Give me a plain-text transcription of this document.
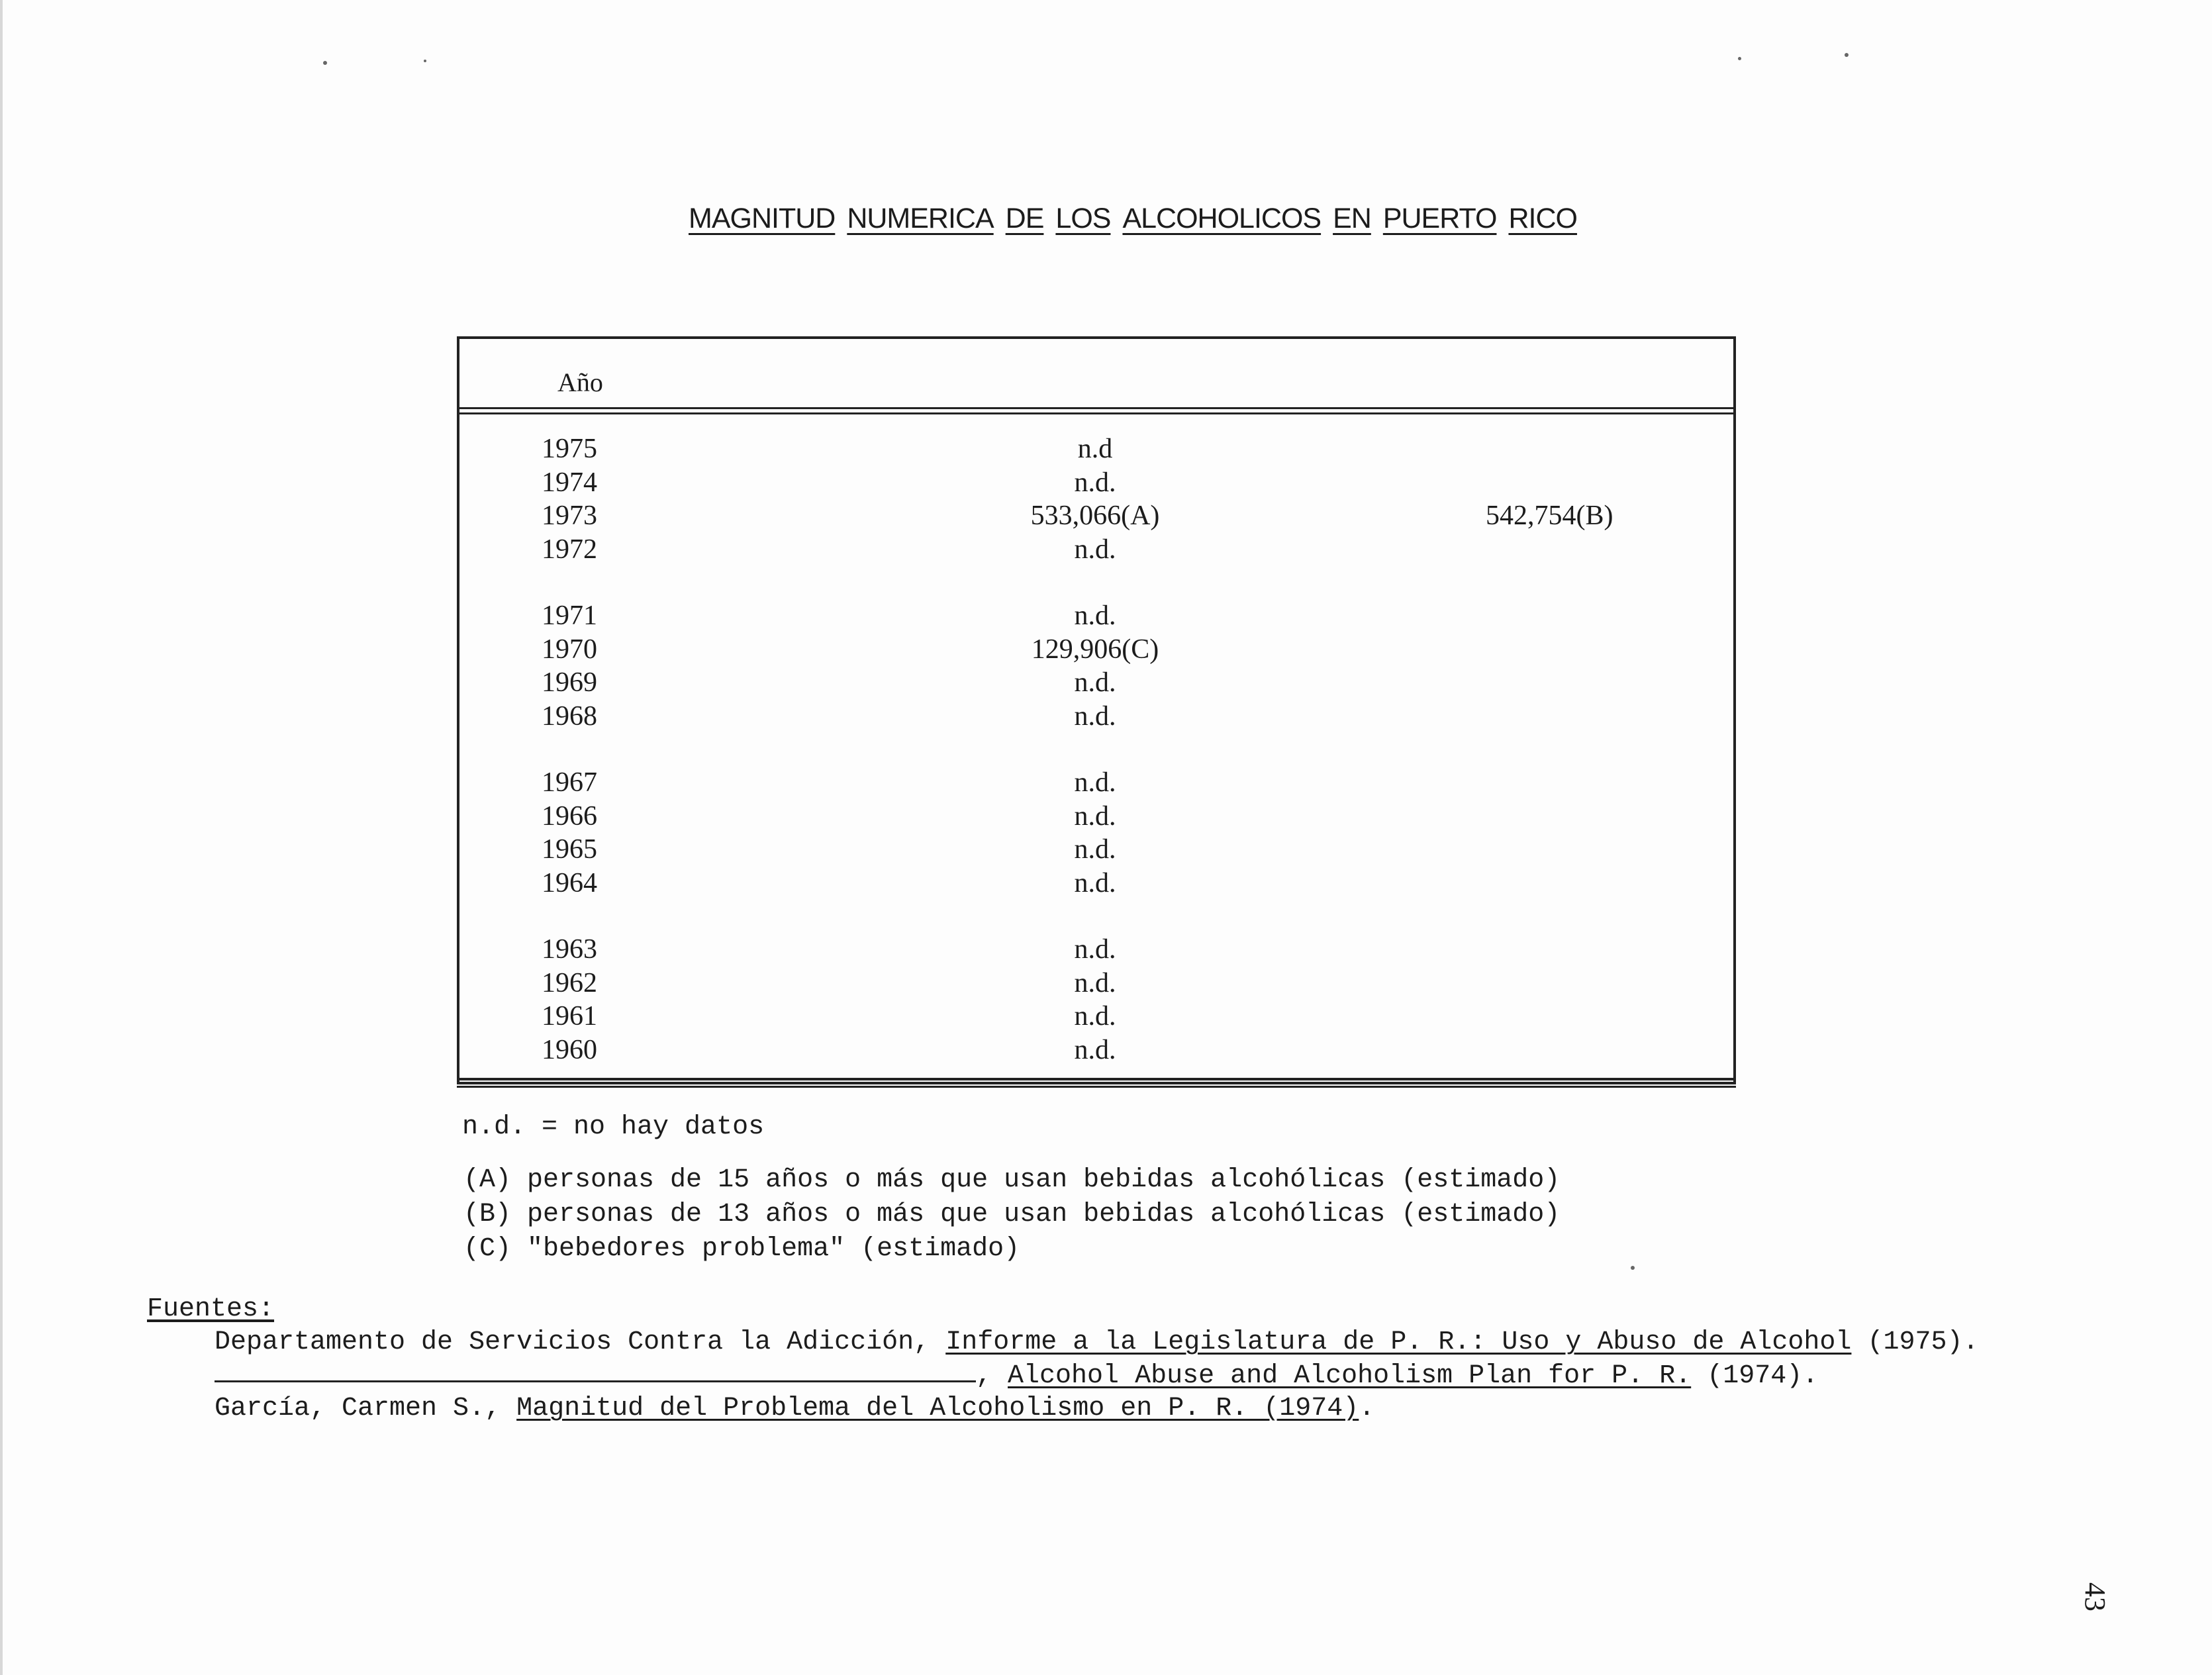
MAGNITUD NUMERICA DE LOS ALCOHOLICOS EN PUERTO RICO
Año
1975	n.d
1974	n.d.
1973	533,066(A)	542,754(B)
1972	n.d.
1971	n.d.
1970	129,906(C)
1969	n.d.
1968	n.d.
1967	n.d.
1966	n.d.
1965	n.d.
1964	n.d.
1963	n.d.
1962	n.d.
1961	n.d.
1960	n.d.
n.d. = no hay datos
(A) personas de 15 años o más que usan bebidas alcohólicas (estimado)
(B) personas de 13 años o más que usan bebidas alcohólicas (estimado)
(C) "bebedores problema" (estimado)
Fuentes:
Departamento de Servicios Contra la Adicción, Informe a la Legislatura de P. R.: Uso y Abuso de Alcohol (1975).
, Alcohol Abuse and Alcoholism Plan for P. R. (1974).
García, Carmen S., Magnitud del Problema del Alcoholismo en P. R. (1974).
43
